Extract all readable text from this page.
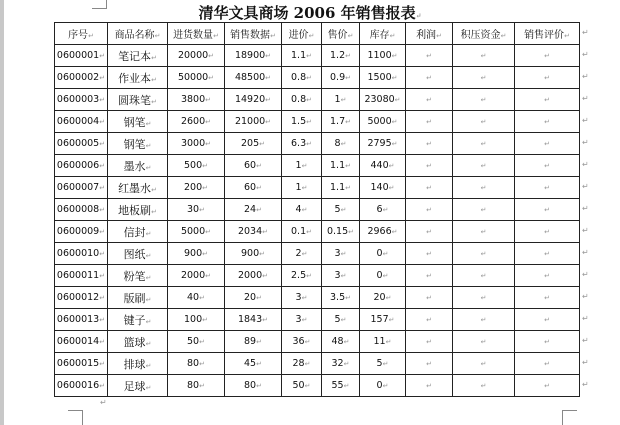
清华文具商场 2006 年销售报表↵
序号↵	商品名称↵	进货数量↵	销售数据↵	进价↵	售价↵	库存↵	利润↵	积压资金↵	销售评价↵
0600001↵	笔记本↵	20000↵	18900↵	1.1↵	1.2↵	1100↵	↵	↵	↵
0600002↵	作业本↵	50000↵	48500↵	0.8↵	0.9↵	1500↵	↵	↵	↵
0600003↵	圆珠笔↵	3800↵	14920↵	0.8↵	1↵	23080↵	↵	↵	↵
0600004↵	钢笔↵	2600↵	21000↵	1.5↵	1.7↵	5000↵	↵	↵	↵
0600005↵	钢笔↵	3000↵	205↵	6.3↵	8↵	2795↵	↵	↵	↵
0600006↵	墨水↵	500↵	60↵	1↵	1.1↵	440↵	↵	↵	↵
0600007↵	红墨水↵	200↵	60↵	1↵	1.1↵	140↵	↵	↵	↵
0600008↵	地板刷↵	30↵	24↵	4↵	5↵	6↵	↵	↵	↵
0600009↵	信封↵	5000↵	2034↵	0.1↵	0.15↵	2966↵	↵	↵	↵
0600010↵	图纸↵	900↵	900↵	2↵	3↵	0↵	↵	↵	↵
0600011↵	粉笔↵	2000↵	2000↵	2.5↵	3↵	0↵	↵	↵	↵
0600012↵	版刷↵	40↵	20↵	3↵	3.5↵	20↵	↵	↵	↵
0600013↵	键子↵	100↵	1843↵	3↵	5↵	157↵	↵	↵	↵
0600014↵	篮球↵	50↵	89↵	36↵	48↵	11↵	↵	↵	↵
0600015↵	排球↵	80↵	45↵	28↵	32↵	5↵	↵	↵	↵
0600016↵	足球↵	80↵	80↵	50↵	55↵	0↵	↵	↵	↵
↵
↵
↵
↵
↵
↵
↵
↵
↵
↵
↵
↵
↵
↵
↵
↵
↵
↵
